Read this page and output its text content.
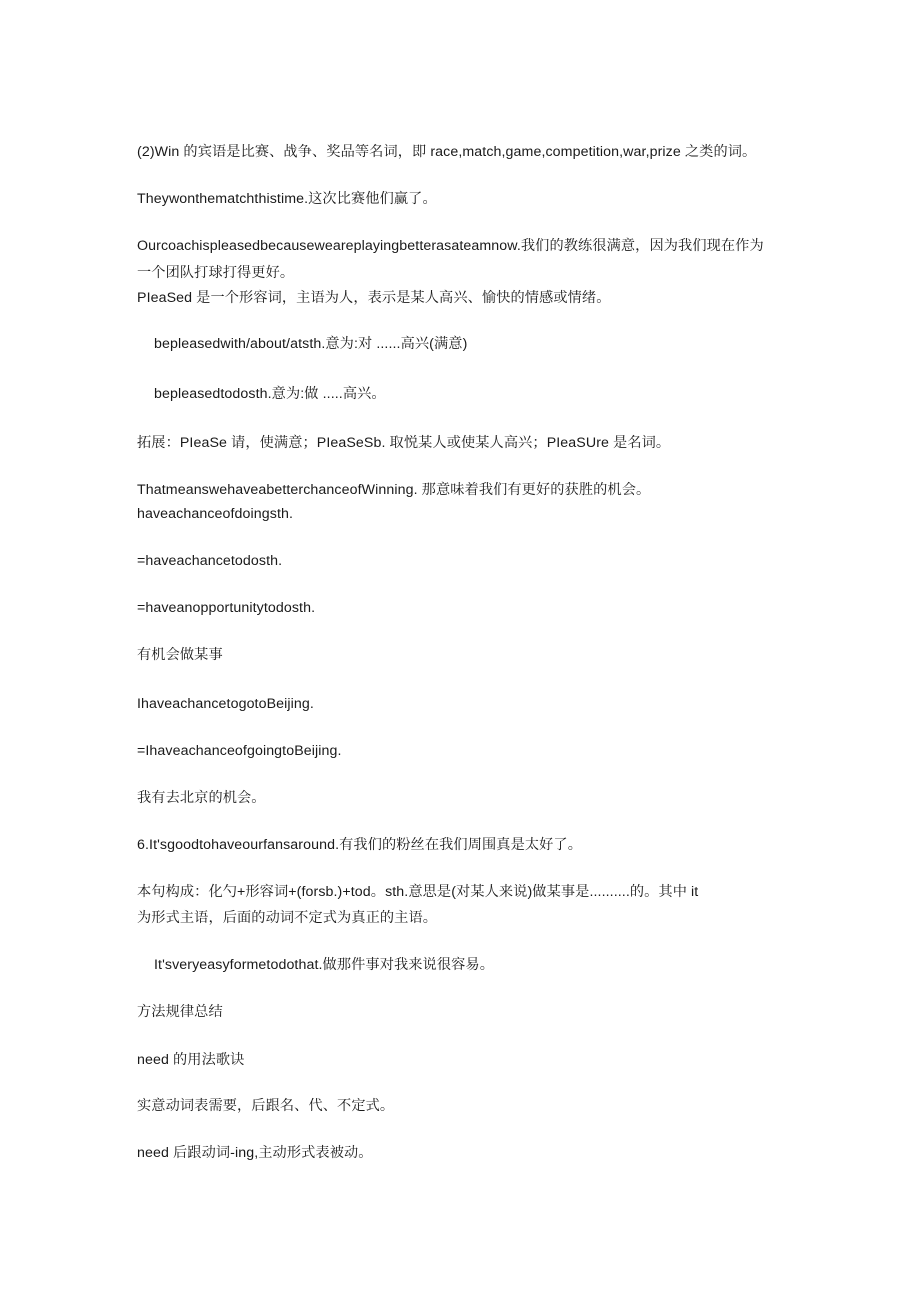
(2)Win 的宾语是比赛、战争、奖品等名词，即 race,match,game,competition,war,prize 之类的词。
Theywonthematchthistime.这次比赛他们赢了。
Ourcoachispleasedbecauseweareplayingbetterasateamnow.我们的教练很满意，因为我们现在作为
一个团队打球打得更好。
PIeaSed 是一个形容词，主语为人，表示是某人高兴、愉快的情感或情绪。
bepleasedwith/about/atsth.意为:对 ......高兴(满意)
bepleasedtodosth.意为:做 .....高兴。
拓展：PIeaSe 请，使满意；PIeaSeSb. 取悦某人或使某人高兴；PIeaSUre 是名词。
ThatmeanswehaveabetterchanceofWinning. 那意味着我们有更好的获胜的机会。
haveachanceofdoingsth.
=haveachancetodosth.
=haveanopportunitytodosth.
有机会做某事
IhaveachancetogotoBeijing.
=IhaveachanceofgoingtoBeijing.
我有去北京的机会。
6.It'sgoodtohaveourfansaround.有我们的粉丝在我们周围真是太好了。
本句构成：化勺+形容词+(forsb.)+tod。sth.意思是(对某人来说)做某事是..........的。其中 it
为形式主语，后面的动词不定式为真正的主语。
It'sveryeasyformetodothat.做那件事对我来说很容易。
方法规律总结
need 的用法歌诀
实意动词表需要，后跟名、代、不定式。
need 后跟动词-ing,主动形式表被动。
